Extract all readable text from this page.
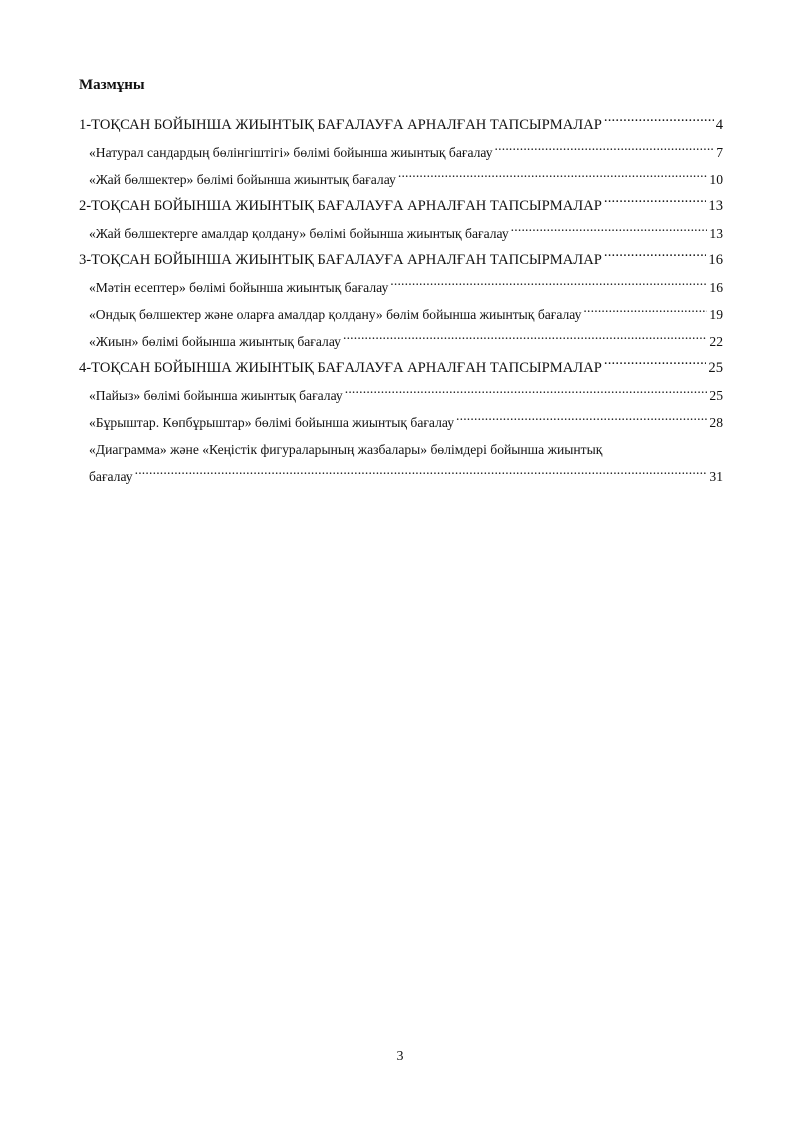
Мазмұны
1-ТОҚСАН БОЙЫНША ЖИЫНТЫҚ БАҒАЛАУҒА АРНАЛҒАН ТАПСЫРМАЛАР .....	4
«Натурал сандардың бөлінгіштігі» бөлімі бойынша жиынтық бағалау .....	7
«Жай бөлшектер» бөлімі бойынша жиынтық бағалау .....	10
2-ТОҚСАН БОЙЫНША ЖИЫНТЫҚ БАҒАЛАУҒА АРНАЛҒАН ТАПСЫРМАЛАР .....	13
«Жай бөлшектерге амалдар қолдану» бөлімі бойынша жиынтық бағалау .....	13
3-ТОҚСАН БОЙЫНША ЖИЫНТЫҚ БАҒАЛАУҒА АРНАЛҒАН ТАПСЫРМАЛАР .....	16
«Мәтін есептер» бөлімі бойынша жиынтық бағалау .....	16
«Ондық бөлшектер және оларға амалдар қолдану» бөлім бойынша жиынтық бағалау .....	19
«Жиын» бөлімі бойынша жиынтық бағалау .....	22
4-ТОҚСАН БОЙЫНША ЖИЫНТЫҚ БАҒАЛАУҒА АРНАЛҒАН ТАПСЫРМАЛАР .....	25
«Пайыз» бөлімі бойынша жиынтық бағалау .....	25
«Бұрыштар. Көпбұрыштар» бөлімі бойынша жиынтық бағалау .....	28
«Диаграмма» және «Кеңістік фигураларының жазбалары» бөлімдері бойынша жиынтық
бағалау .....	31
3
